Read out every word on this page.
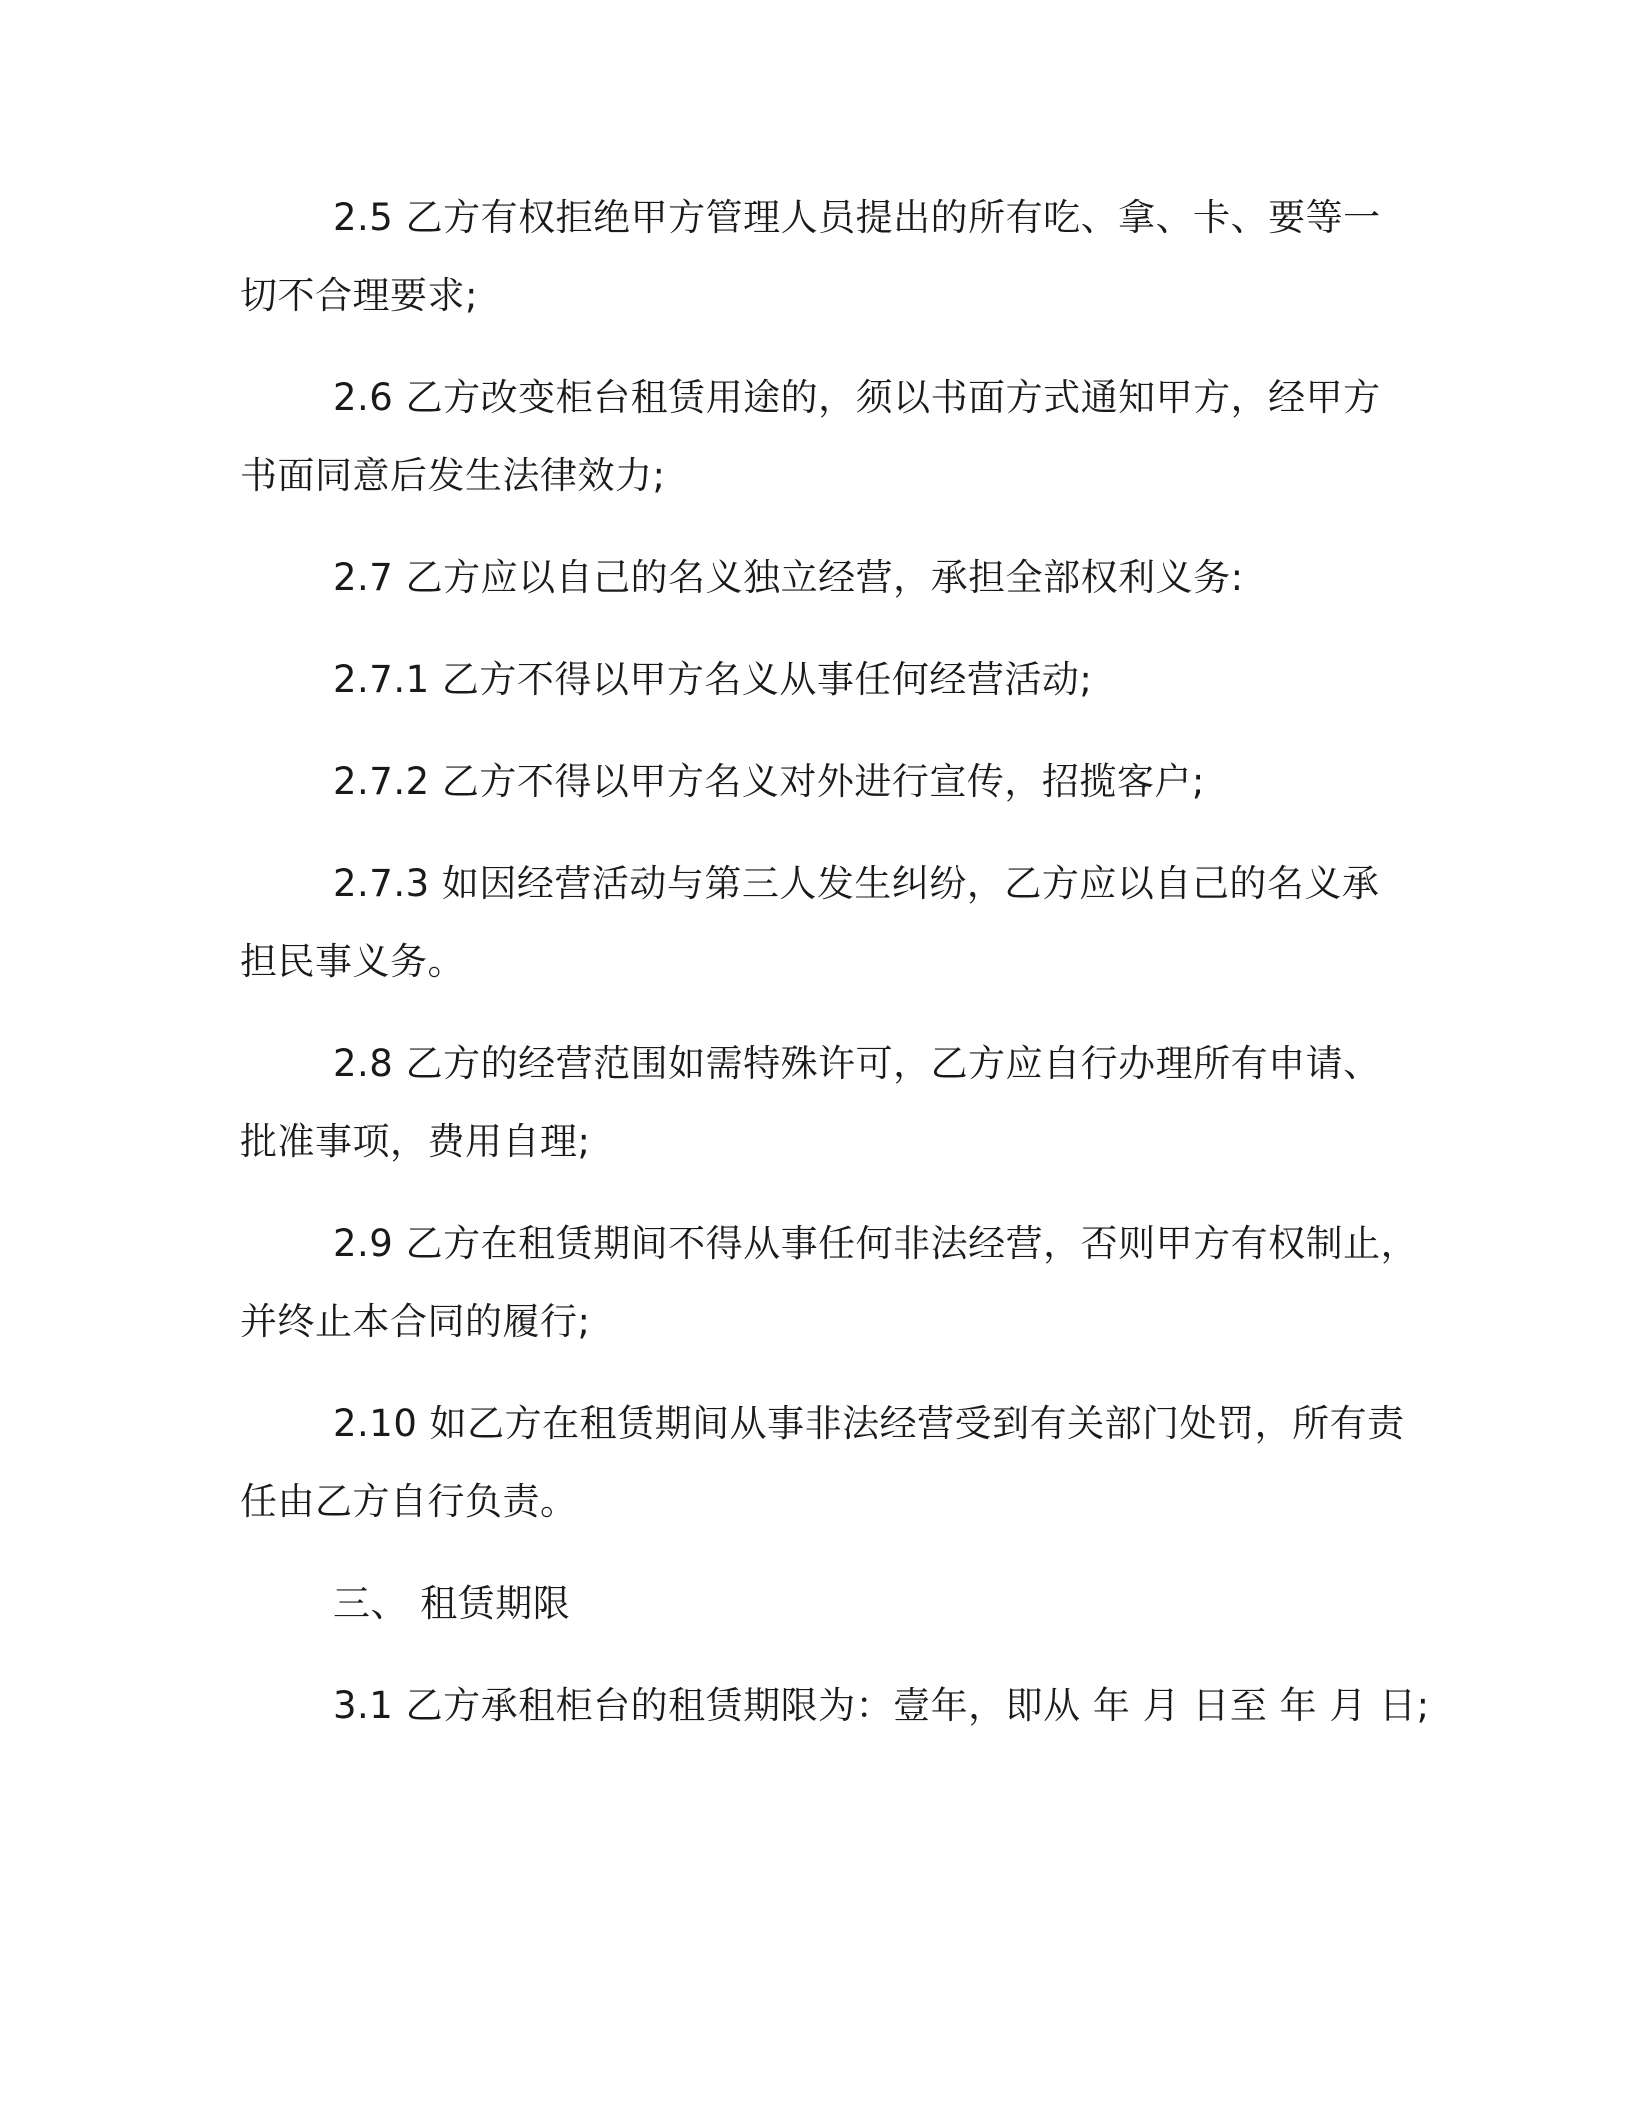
2.5 乙方有权拒绝甲方管理人员提出的所有吃、拿、卡、要等一

切不合理要求;

2.6 乙方改变柜台租赁用途的，须以书面方式通知甲方，经甲方

书面同意后发生法律效力;

2.7 乙方应以自己的名义独立经营，承担全部权利义务:

2.7.1 乙方不得以甲方名义从事任何经营活动;

2.7.2 乙方不得以甲方名义对外进行宣传，招揽客户;

2.7.3 如因经营活动与第三人发生纠纷，乙方应以自己的名义承

担民事义务。

2.8 乙方的经营范围如需特殊许可，乙方应自行办理所有申请、

批准事项，费用自理;

2.9 乙方在租赁期间不得从事任何非法经营，否则甲方有权制止，

并终止本合同的履行;

2.10 如乙方在租赁期间从事非法经营受到有关部门处罚，所有责

任由乙方自行负责。

三、 租赁期限

3.1 乙方承租柜台的租赁期限为：壹年，即从 年 月 日至 年 月 日;
